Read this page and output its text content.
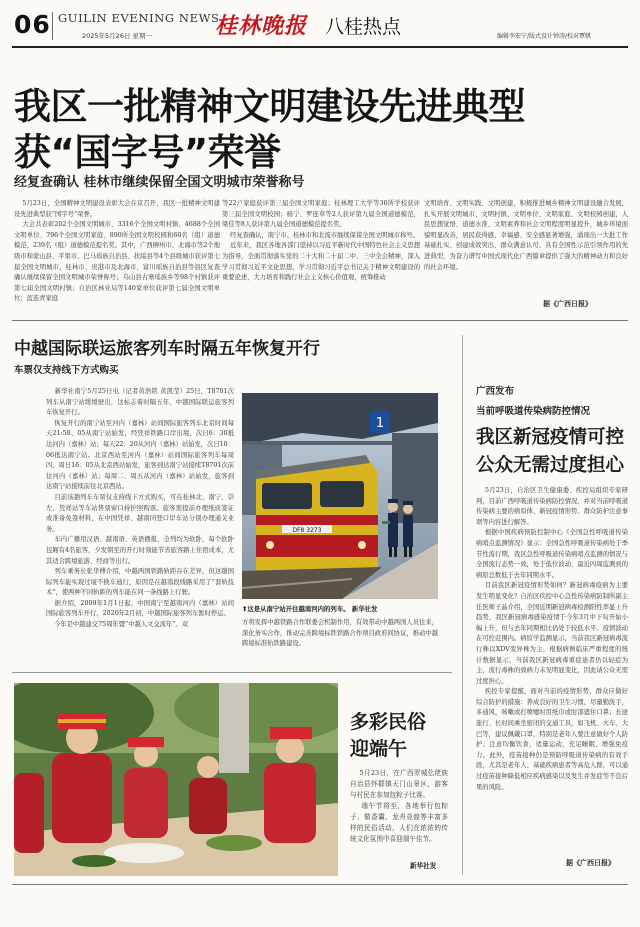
06 GUILIN EVENING NEWS
2025年5月26日 星期一	桂林晚报 八桂热点	编辑李宏宁/版式设计钟涛/校对覃骐
我区一批精神文明建设先进典型
获“国字号”荣誉
经复查确认 桂林市继续保留全国文明城市荣誉称号
5月23日，全国精神文明建设表彰大会在京召开，我区一批精神文明建设先进典型获“国字号”荣誉。
大会共表彰202个全国文明城市、3316个全国文明村镇、4688个全国文明单位、796个全国文明家庭、890所全国文明校园和60名（组）道德模范、239名（组）道德模范提名奖。其中，广西柳州市、北海市等2个地级市和蒙山县、平果市、巴马瑶族自治县、扶绥县等4个县级城市获评第七届全国文明城市，桂林市、贵港市及北海市、富川瑶族自治县等县区复查确认继续保留全国文明城市荣誉称号；乌山县古寨瑶族乡等98个村镇获评第七届全国文明村镇；自治区林业局等140家单位获评第七届全国文明单位；蓝连青家庭
等22户家庭获评第三届全国文明家庭；桂林理工大学等36所学校获评第三届全国文明校园；杨宁、罗连草等2人获评第九届全国道德模范，梁佳等8人获评第九届全国道德模范提名奖。
经复查确认，南宁市、桂林市和北流市继续保留全国文明城市称号。
近年来，我区各地各部门坚持以习近平新时代中国特色社会主义思想为指导，全面贯彻落实党的二十大和二十届二中、三中全会精神，深入学习贯彻习近平文化思想，学习贯彻习近平总书记关于精神文明建设的重要论述，大力培育和践行社会主义核心价值观，统筹推动
文明培育、文明实践、文明创建，积极推进城乡精神文明建设融合发展，扎实开展文明城市、文明村镇、文明单位、文明家庭、文明校园创建，人民思想觉悟、道德水准、文明素养和社会文明程度明显提升，城乡环境面貌明显改善，居民获得感、幸福感、安全感显著增强，涌现出一大批工作基础扎实、创建成效突出、群众满意认可、具有全国性示范引领作用的先进典型，为奋力谱写中国式现代化广西篇章提供了强大的精神动力和良好的社会环境。
据《广西日报》
中越国际联运旅客列车时隔五年恢复开行
车票仅支持线下方式购买
新华社南宁5月25日电（记者黄浩铭 黄凯莹）25日，T8701次列车从南宁站缓缓驶出，这标志着时隔五年，中越国际联运旅客列车恢复开行。
恢复开行的南宁站至河内（嘉林）站间国际旅客列车北京时间每天21:58、05从南宁站始发，经凭祥铁路口岸出境，次日6：30抵达河内（嘉林）站；每天22：20从河内（嘉林）站始发，次日10：06抵达南宁站。北京西站至河内（嘉林）站间国际旅客列车每周四、周日16：05从北京西站始发，旅客到达南宁站接续T8701次前往河内（嘉林）站；每周二、周五从河内（嘉林）站始发，旅客到达南宁站接续前往北京西站。
目前该趟列车车票仅支持线下方式购买，可在桂林北、南宁、崇左、凭祥站等车站售票窗口持护照购票。旅客需提前办理纸质签证或准备免签材料，在中国凭祥、越南同登口岸车站分别办理通关业务。
车内广播用汉语、越南语、英语播报，全列均为软卧，每个软卧包厢有4名旅客，夕发朝至的开行时刻能节省旅客路上住宿成本，尤其适合跨境旅游、经商等出行。
列车乘务长张华傅介绍，中越两国铁路轨距存在差异，但这趟国际列车能实现过境不换车通行，原因是在越南段线路采用了“套轨技术”，使两种不同轨距的列车能在同一条线路上行驶。
据介绍，2009年1月1日起，中国南宁至越南河内（嘉林）站间国际旅客列车开行，2020年2月初，中越国际旅客列车暂时停运。
今年是中越建交75周年暨“中越人文交流年”。双
1
DF8 3273
⬆这是从南宁站开往越南河内的列车。 新华社发
方将发挥中越铁路合作联委会机制作用，有效带动中越两国人员往来，深化务实合作，推动完善跨境标铁铁路合作项目政府间协议，推动中越跨境标准轨铁路建设。
广西发布
当前呼吸道传染病防控情况
我区新冠疫情可控
公众无需过度担心
5月23日，自治区卫生健康委、疾控局组织专家研判，目前广西呼吸道传染病防控情况，并对当前呼吸道传染病主要的病原体、新冠疫情形势、群众防护注意事项等内容进行解答。
根据中国疾病预防控制中心《全国急性呼吸道传染病哨点监测情况》显示：全国急性呼吸道传染病处于季节性流行期，我区急性呼吸道传染病哨点监测的情况与全国流行态势一致，处于低位波动，最近四周监测到的病原总数低于去年同期水平。
目前我区新冠疫情形势如何？新冠病毒疫病为主要发生明显变化？自治区疾控中心急性传染病防制所副主任医师王晶介绍，全国近期新冠病毒检测阳性率显上升趋势，我区新冠病毒感染疫情于今年3月中下旬开始小幅上升，但与去年同期相比仍处于较低水平。疫情波动在可控范围内。病原学监测显示，当前我区新冠病毒流行株以XDV变异株为主，根据病例临床严重程度的统计数据显示，当前我区新冠病毒重症患者仍以轻症为主，流行毒株的致病力未见明显变化，因此请公众无需过度担心。
疾控专家提醒，面对当前的疫情形势，群众应做好综合防护的措施：养成良好的卫生习惯，尽量勤洗手，多通风，咳嗽或打喷嚏时用纸巾或肘部遮住口鼻；长途旅行、长时间乘坐密闭的交通工具，如飞机、火车、大巴等，建议佩戴口罩，特别是老年人要注意做好个人防护；注意均衡饮食，适量运动，充足睡眠，增强免疫力。此外，疫苗接种仍是预防呼吸道传染病的有效手段，尤其是老年人、基础疾病患者等高危人群，可以通过疫苗接种降低相应疾病感染以及发生并发症等不良后果的风险。
据《广西日报》
多彩民俗
迎端午
5月23日，在广西罗城仫佬族自治县怀群镇天门山景区，游客与村民在参加包粽子比赛。
端午节将至，各地举行包粽子、做香囊、龙舟竞渡等丰富多样的民俗活动，人们在浓浓的传统文化氛围中喜迎端午佳节。
新华社发
